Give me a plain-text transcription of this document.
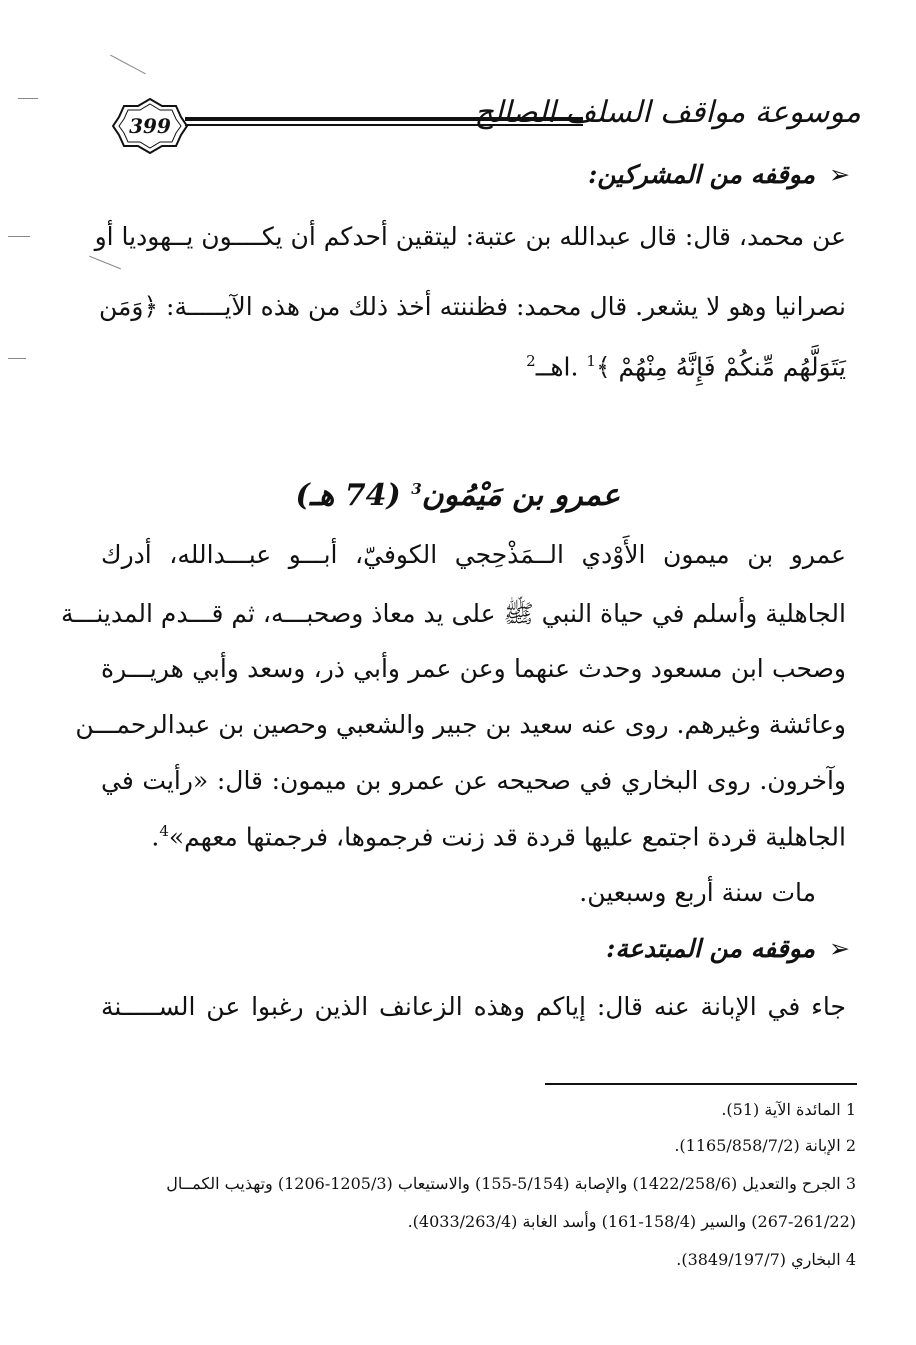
399	موسوعة مواقف السلف الصالح
➢موقفه من المشركين:
عن محمد، قال: قال عبدالله بن عتبة: ليتقين أحدكم أن يكــــون يــهوديا أو
نصرانيا وهو لا يشعر. قال محمد: فظننته أخذ ذلك من هذه الآيـــــة: ﴿وَمَن
يَتَوَلَّهُم مِّنكُمْ فَإِنَّهُ مِنْهُمْ ﴾$^1$ .اهــ$^2$
عمرو بن مَيْمُون$^3$ (74 هـ)
عمرو بن ميمون الأَوْدي الــمَذْحِجي الكوفيّ، أبـــو عبـــدالله، أدرك
الجاهلية وأسلم في حياة النبي ﷺ على يد معاذ وصحبـــه، ثم قـــدم المدينـــة
وصحب ابن مسعود وحدث عنهما وعن عمر وأبي ذر، وسعد وأبي هريـــرة
وعائشة وغيرهم. روى عنه سعيد بن جبير والشعبي وحصين بن عبدالرحمـــن
وآخرون. روى البخاري في صحيحه عن عمرو بن ميمون: قال: «رأيت في
الجاهلية قردة اجتمع عليها قردة قد زنت فرجموها، فرجمتها معهم»$^4$.
مات سنة أربع وسبعين.
➢موقفه من المبتدعة:
جاء في الإبانة عنه قال: إياكم وهذه الزعانف الذين رغبوا عن الســـــنة
1 المائدة الآية (51).
2 الإبانة (1165/858/7/2).
3 الجرح والتعديل (1422/258/6) والإصابة (5/154-155) والاستيعاب (1205/3-1206) وتهذيب الكمــال
(267-261/22) والسير (158/4-161) وأسد الغابة (4033/263/4).
4 البخاري (3849/197/7).
